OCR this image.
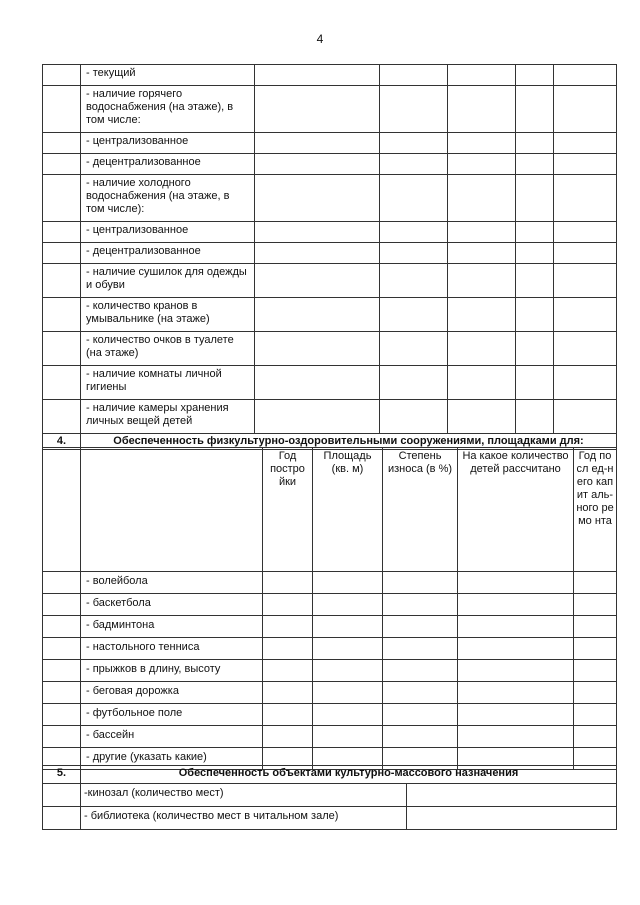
4
	- текущий					
	- наличие горячего водоснабжения (на этаже), в том числе:					
	- централизованное					
	- децентрализованное					
	- наличие холодного водоснабжения (на этаже, в том числе):					
	- централизованное					
	- децентрализованное					
	- наличие сушилок для одежды и обуви					
	- количество кранов в умывальнике (на этаже)					
	- количество очков в туалете (на этаже)					
	- наличие комнаты личной гигиены					
	- наличие камеры хранения личных вещей детей					
4.	Обеспеченность физкультурно-оздоровительными сооружениями, площадками для:
		Год постро йки	Площадь (кв. м)	Степень износа (в %)	На какое количество детей рассчитано	Год посл ед-него капит аль-ного ремо нта
	- волейбола					
	- баскетбола					
	- бадминтона					
	- настольного тенниса					
	- прыжков в длину, высоту					
	- беговая дорожка					
	- футбольное поле					
	- бассейн					
	- другие (указать какие)					
5.	Обеспеченность объектами культурно-массового назначения
	-кинозал (количество мест)	
	- библиотека (количество мест в читальном зале)	
